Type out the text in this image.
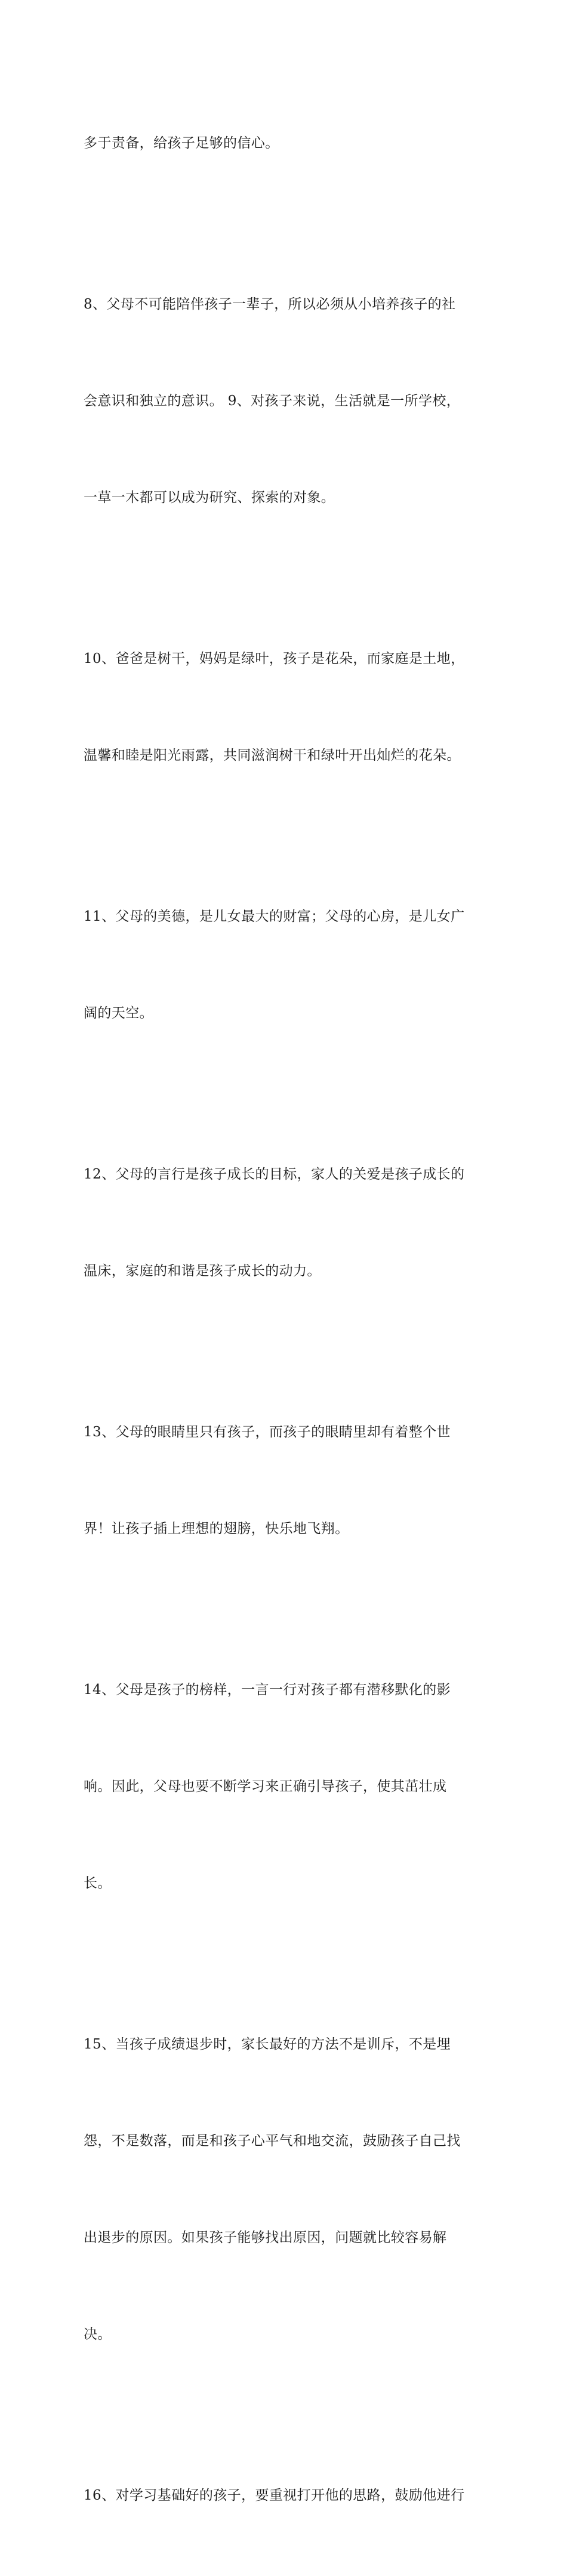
多于责备，给孩子足够的信心。

8、父母不可能陪伴孩子一辈子，所以必须从小培养孩子的社

会意识和独立的意识。 9、对孩子来说，生活就是一所学校，

一草一木都可以成为研究、探索的对象。

10、爸爸是树干，妈妈是绿叶，孩子是花朵，而家庭是土地，

温馨和睦是阳光雨露，共同滋润树干和绿叶开出灿烂的花朵。

11、父母的美德，是儿女最大的财富；父母的心房，是儿女广

阔的天空。

12、父母的言行是孩子成长的目标，家人的关爱是孩子成长的

温床，家庭的和谐是孩子成长的动力。

13、父母的眼睛里只有孩子，而孩子的眼睛里却有着整个世

界！让孩子插上理想的翅膀，快乐地飞翔。

14、父母是孩子的榜样，一言一行对孩子都有潜移默化的影

响。因此，父母也要不断学习来正确引导孩子，使其茁壮成

长。

15、当孩子成绩退步时，家长最好的方法不是训斥，不是埋

怨，不是数落，而是和孩子心平气和地交流，鼓励孩子自己找

出退步的原因。如果孩子能够找出原因，问题就比较容易解

决。

16、对学习基础好的孩子，要重视打开他的思路，鼓励他进行
